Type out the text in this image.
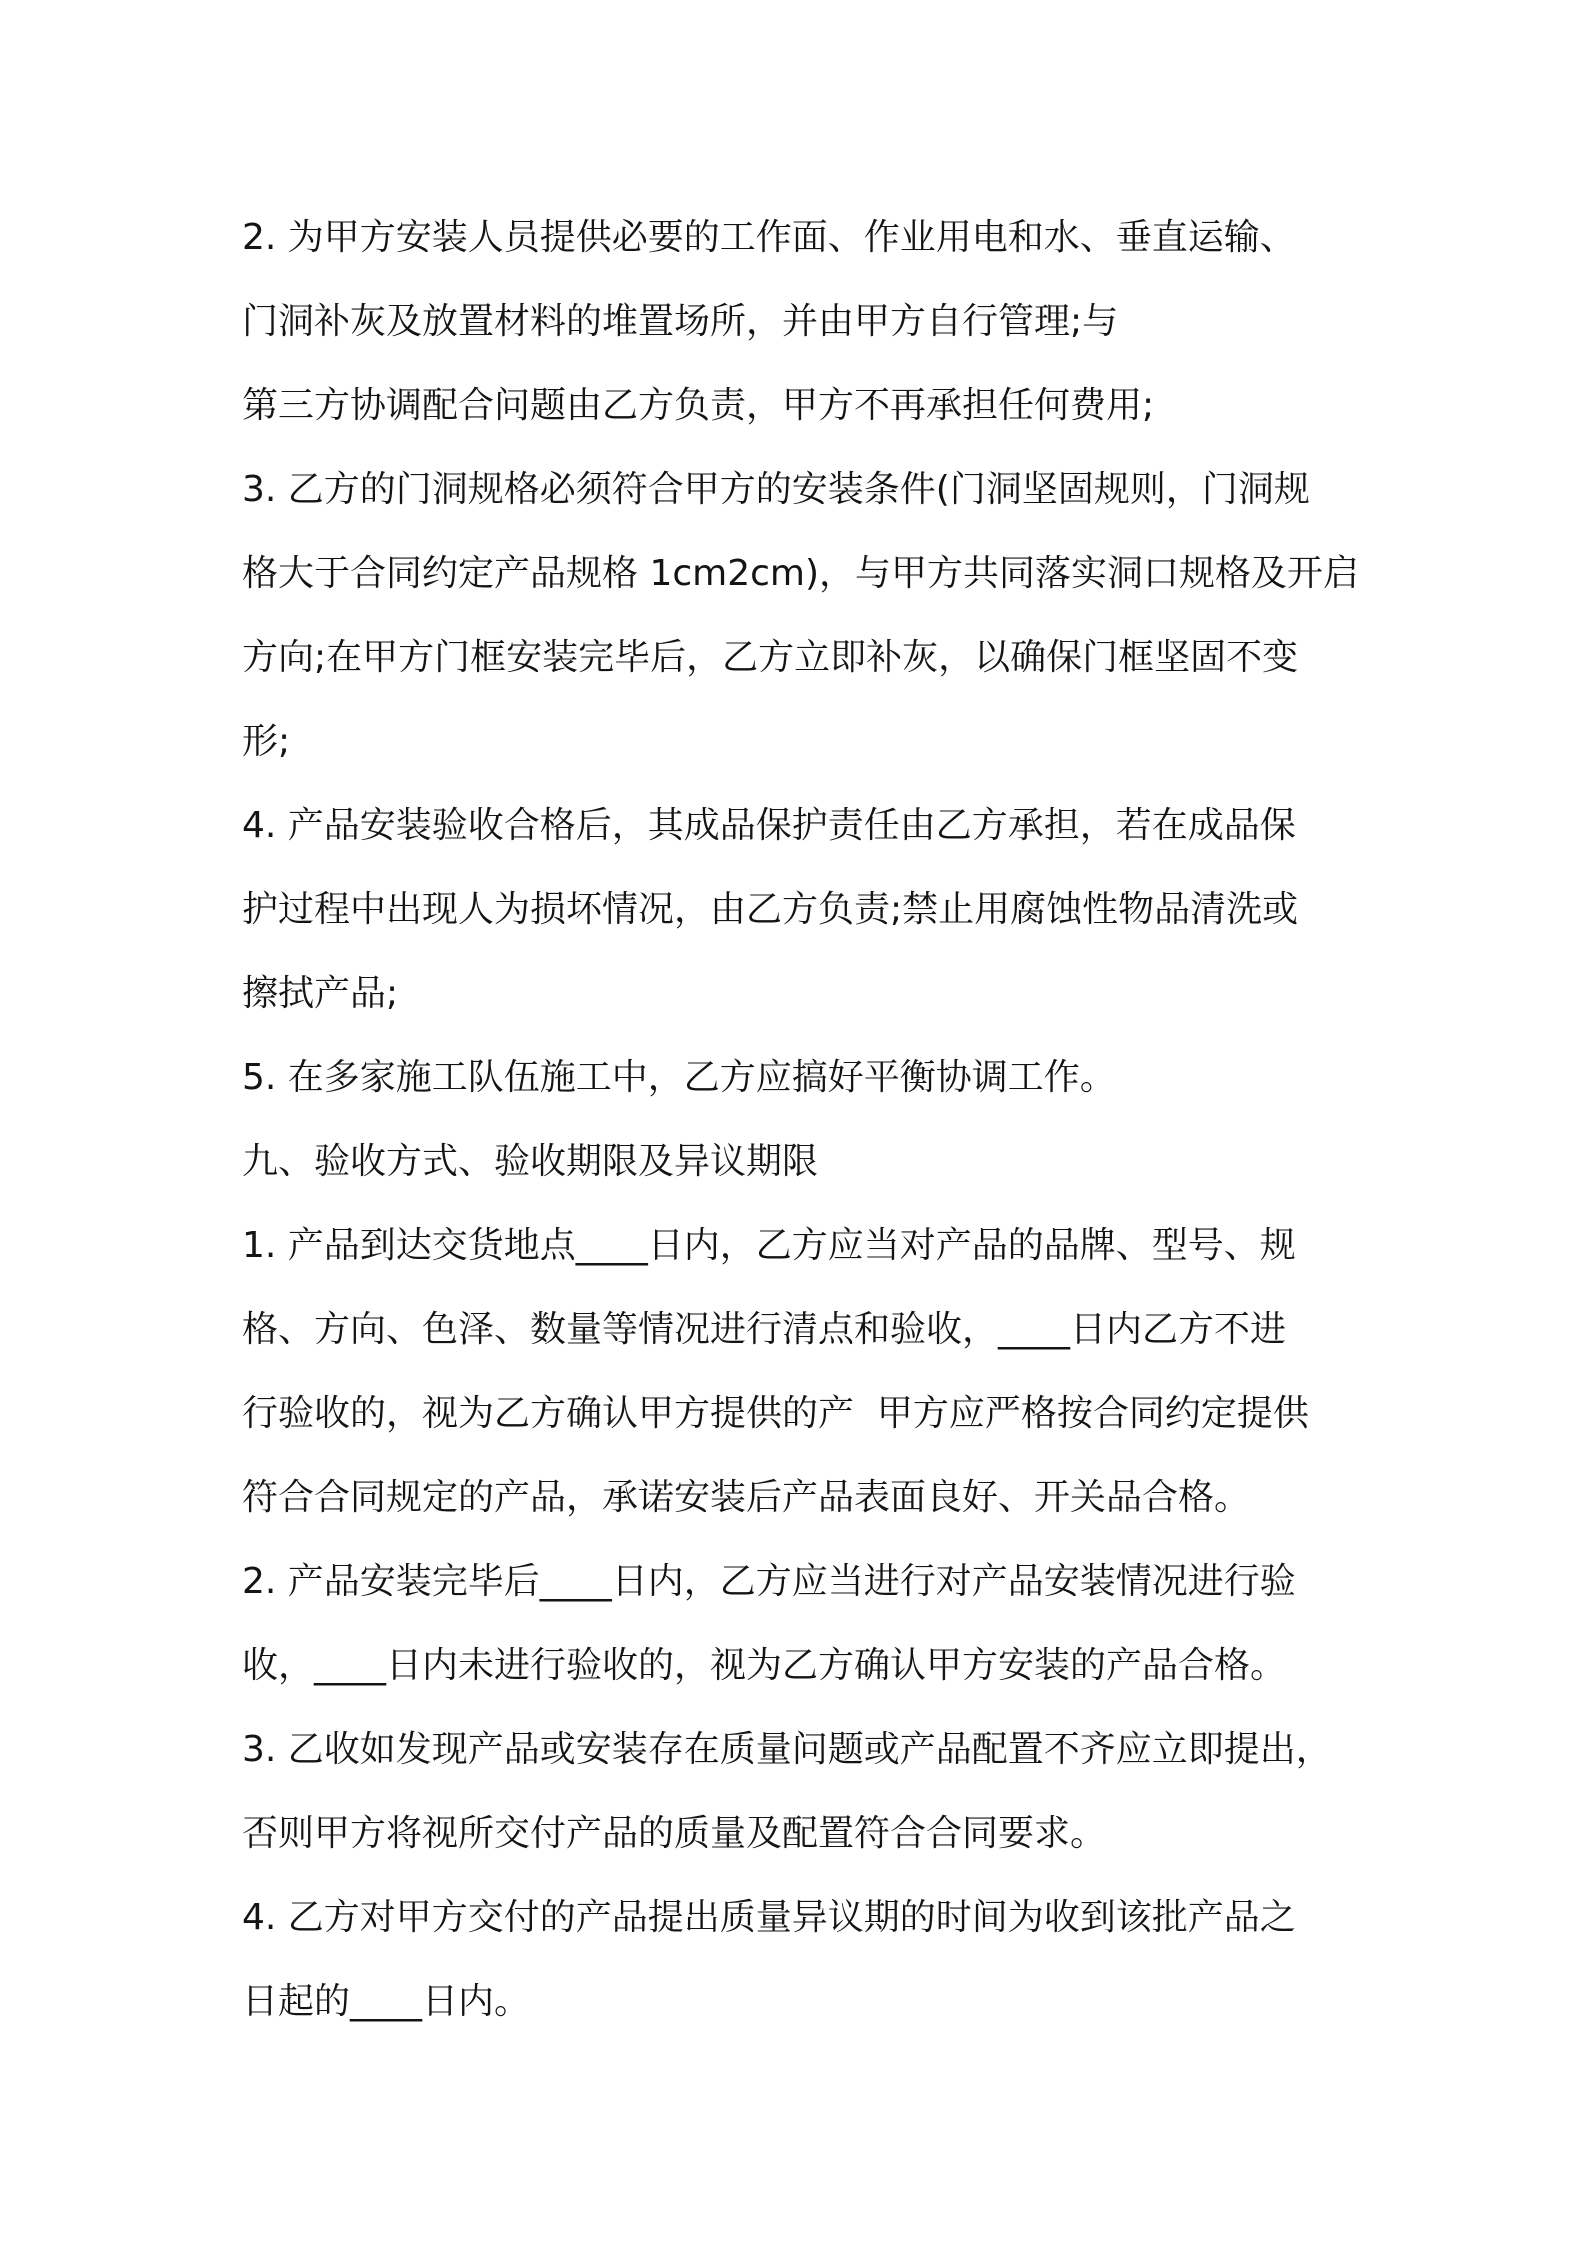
2. 为甲方安装人员提供必要的工作面、作业用电和水、垂直运输、

门洞补灰及放置材料的堆置场所，并由甲方自行管理;与

第三方协调配合问题由乙方负责，甲方不再承担任何费用;

3. 乙方的门洞规格必须符合甲方的安装条件(门洞坚固规则，门洞规

格大于合同约定产品规格 1cm2cm)，与甲方共同落实洞口规格及开启

方向;在甲方门框安装完毕后，乙方立即补灰，以确保门框坚固不变

形;

4. 产品安装验收合格后，其成品保护责任由乙方承担，若在成品保

护过程中出现人为损坏情况，由乙方负责;禁止用腐蚀性物品清洗或

擦拭产品;

5. 在多家施工队伍施工中，乙方应搞好平衡协调工作。

九、验收方式、验收期限及异议期限

1. 产品到达交货地点____日内，乙方应当对产品的品牌、型号、规

格、方向、色泽、数量等情况进行清点和验收，____日内乙方不进

行验收的，视为乙方确认甲方提供的产  甲方应严格按合同约定提供

符合合同规定的产品，承诺安装后产品表面良好、开关品合格。

2. 产品安装完毕后____日内，乙方应当进行对产品安装情况进行验

收，____日内未进行验收的，视为乙方确认甲方安装的产品合格。

3. 乙收如发现产品或安装存在质量问题或产品配置不齐应立即提出，

否则甲方将视所交付产品的质量及配置符合合同要求。

4. 乙方对甲方交付的产品提出质量异议期的时间为收到该批产品之

日起的____日内。
